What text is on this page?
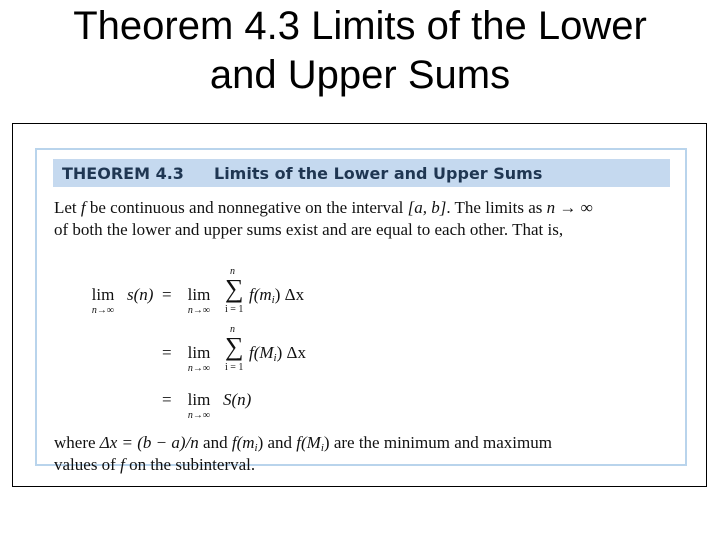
Theorem 4.3 Limits of the Lower
and Upper Sums
THEOREM 4.3 Limits of the Lower and Upper Sums
Let f be continuous and nonnegative on the interval [a, b]. The limits as n → ∞
of both the lower and upper sums exist and are equal to each other. That is,
lim
n→∞
s(n) = lim
n→∞
n
∑
i = 1
$f(m_i)$ Δx
= lim
n→∞
n
∑
i = 1
$f(M_i)$ Δx
= lim
n→∞
S(n)
where Δx = (b − a)/n and $f(m_i)$ and $f(M_i)$ are the minimum and maximum
values of f on the subinterval.
